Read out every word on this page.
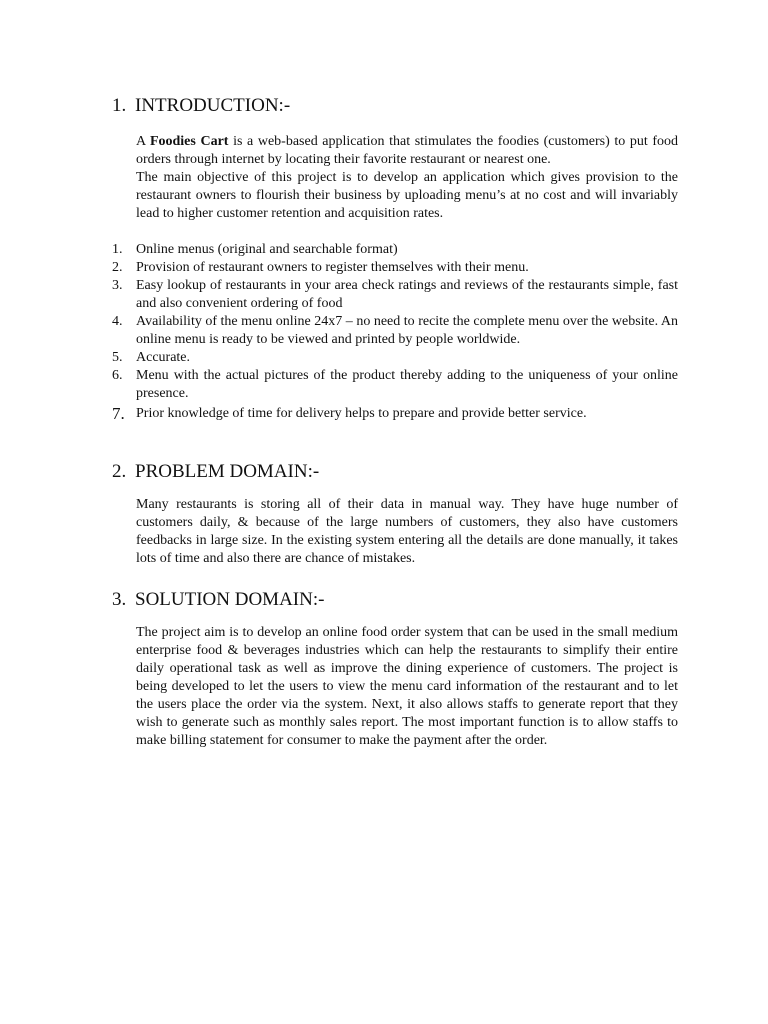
1. INTRODUCTION:-

A Foodies Cart is a web-based application that stimulates the foodies (customers) to put food orders through internet by locating their favorite restaurant or nearest one.

The main objective of this project is to develop an application which gives provision to the restaurant owners to flourish their business by uploading menu’s at no cost and will invariably lead to higher customer retention and acquisition rates.

1. Online menus (original and searchable format)
2. Provision of restaurant owners to register themselves with their menu.
3. Easy lookup of restaurants in your area check ratings and reviews of the restaurants simple, fast and also convenient ordering of food
4. Availability of the menu online 24x7 – no need to recite the complete menu over the website. An online menu is ready to be viewed and printed by people worldwide.
5. Accurate.
6. Menu with the actual pictures of the product thereby adding to the uniqueness of your online presence.
7. Prior knowledge of time for delivery helps to prepare and provide better service.
2. PROBLEM DOMAIN:-

Many restaurants is storing all of their data in manual way. They have huge number of customers daily, & because of the large numbers of customers, they also have customers feedbacks in large size. In the existing system entering all the details are done manually, it takes lots of time and also there are chance of mistakes.

3. SOLUTION DOMAIN:-

The project aim is to develop an online food order system that can be used in the small medium enterprise food & beverages industries which can help the restaurants to simplify their entire daily operational task as well as improve the dining experience of customers. The project is being developed to let the users to view the menu card information of the restaurant and to let the users place the order via the system. Next, it also allows staffs to generate report that they wish to generate such as monthly sales report. The most important function is to allow staffs to make billing statement for consumer to make the payment after the order.
